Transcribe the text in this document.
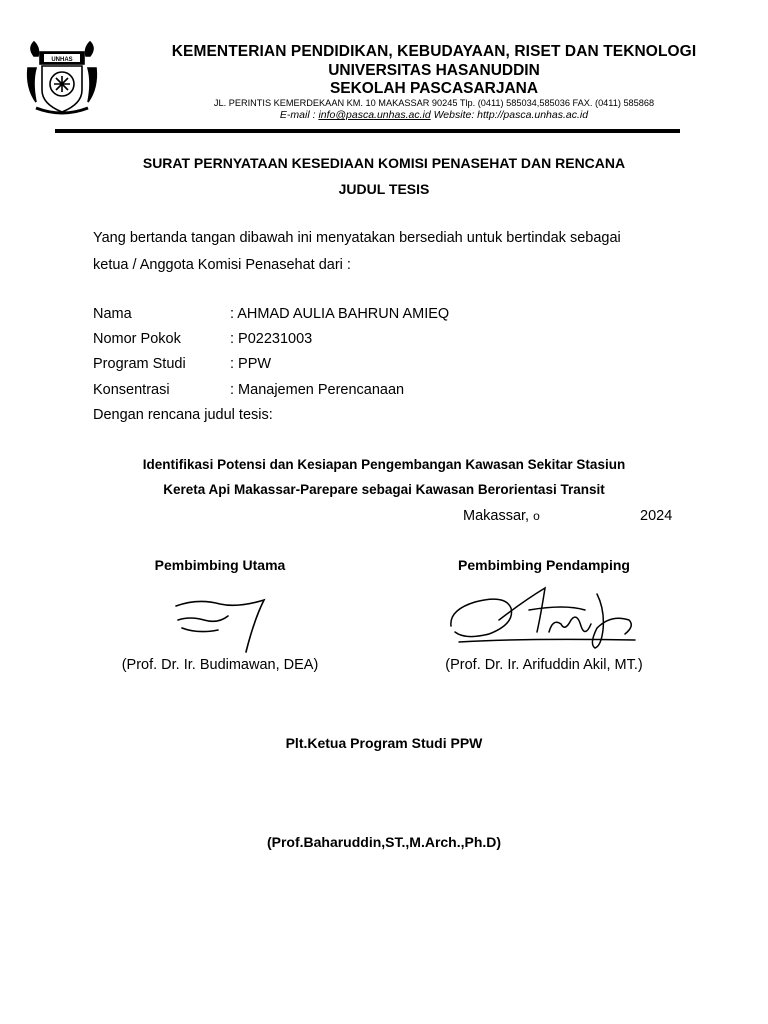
UNHAS	KEMENTERIAN PENDIDIKAN, KEBUDAYAAN, RISET DAN TEKNOLOGI
UNIVERSITAS HASANUDDIN
SEKOLAH PASCASARJANA
JL. PERINTIS KEMERDEKAAN KM. 10 MAKASSAR 90245 Tlp. (0411) 585034,585036 FAX. (0411) 585868
E-mail : info@pasca.unhas.ac.id Website: http://pasca.unhas.ac.id
SURAT PERNYATAAN KESEDIAAN KOMISI PENASEHAT DAN RENCANA
JUDUL TESIS
Yang bertanda tangan dibawah ini menyatakan bersediah untuk bertindak sebagai
ketua / Anggota Komisi Penasehat dari :
Nama	: AHMAD AULIA BAHRUN AMIEQ
Nomor Pokok	: P02231003
Program Studi	: PPW
Konsentrasi	: Manajemen Perencanaan
Dengan rencana judul tesis:
Identifikasi Potensi dan Kesiapan Pengembangan Kawasan Sekitar Stasiun
Kereta Api Makassar-Parepare sebagai Kawasan Berorientasi Transit
Makassar, o	2024
Pembimbing Utama	Pembimbing Pendamping
(Prof. Dr. Ir. Budimawan, DEA)	(Prof. Dr. Ir. Arifuddin Akil, MT.)
Plt.Ketua Program Studi PPW
(Prof.Baharuddin,ST.,M.Arch.,Ph.D)
